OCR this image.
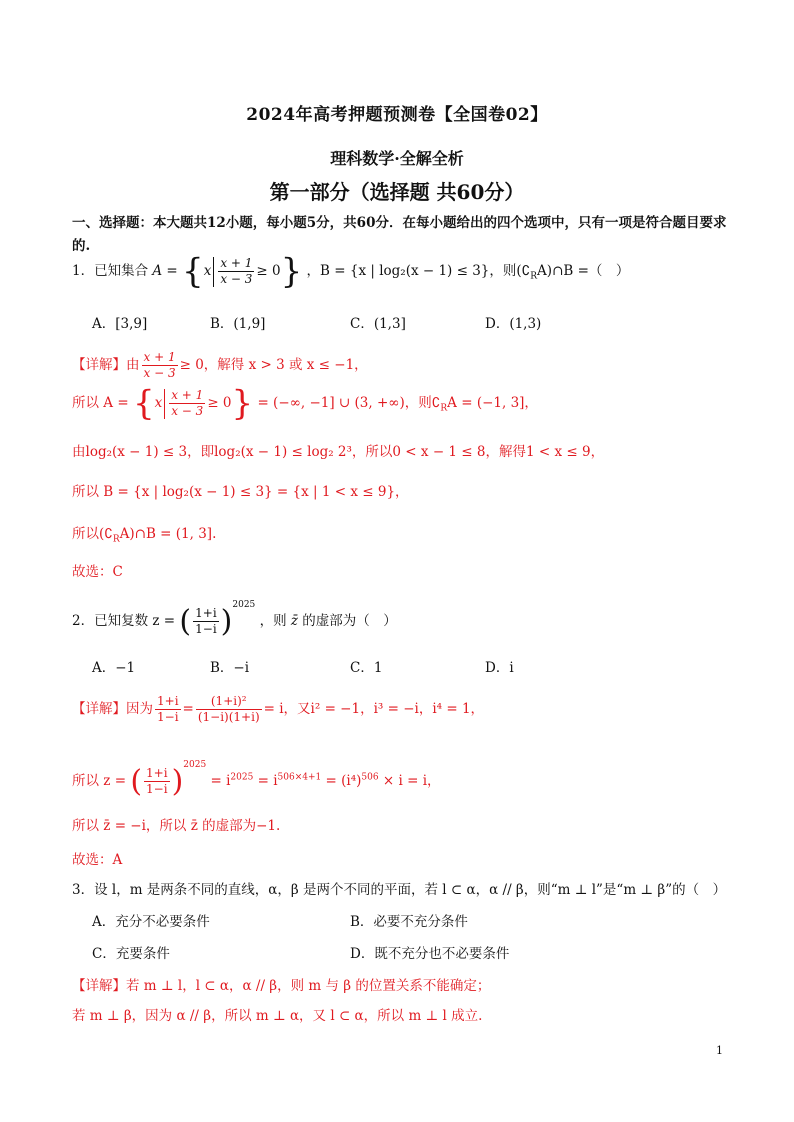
2024年高考押题预测卷【全国卷02】
理科数学·全解全析
第一部分（选择题 共60分）
一、选择题：本大题共12小题，每小题5分，共60分．在每小题给出的四个选项中，只有一项是符合题目要求的.
1．已知集合 $A = \{x \frac{x + 1}{x - 3} \ge 0\}$ ，B = {x | log₂(x − 1) ≤ 3}，则$(∁_RA)\cap B$ =（　）
A．[3,9]	B．(1,9]	C．(1,3]	D．(1,3)
【详解】由 $\frac{x + 1}{x - 3} \ge 0$，解得 x > 3 或 x ≤ −1，
所以 $A = \{x \frac{x + 1}{x - 3} \ge 0\}$ = (−∞, −1] ∪ (3, +∞)，则$∁_RA = (-1$, 3]，
由log₂(x − 1) ≤ 3，即log₂(x − 1) ≤ log₂ 2³，所以0 < x − 1 ≤ 8，解得1 < x ≤ 9，
所以 B = {x | log₂(x − 1) ≤ 3} = {x | 1 < x ≤ 9}，
所以$(∁_RA)\cap B = (1$, 3].
故选：C
2．已知复数 z = ( $\frac{1+i}{1-i} )^{2025}$ ，则 z̄ 的虚部为（　）
A．−1	B．−i	C．1	D．i
【详解】因为 $\frac{1+i}{1-i} = \frac{\text{(1+i)²}}{(1-i)(1+i)} = i$，又i² = −1，i³ = −i，i⁴ = 1，
所以 z = ( $\frac{1+i}{1-i} )^{2025} = i^{2025} = i^{506\times 4+1} = (i^4)^{506} \times i = i$，
所以 z̄ = −i，所以 z̄ 的虚部为−1.
故选：A
3．设 l，m 是两条不同的直线，α，β 是两个不同的平面，若 l ⊂ α，α // β，则“m ⊥ l”是“m ⊥ β”的（　）
A．充分不必要条件	B．必要不充分条件
C．充要条件	D．既不充分也不必要条件
【详解】若 m ⊥ l，l ⊂ α，α // β，则 m 与 β 的位置关系不能确定；
若 m ⊥ β，因为 α // β，所以 m ⊥ α，又 l ⊂ α，所以 m ⊥ l 成立.
1
